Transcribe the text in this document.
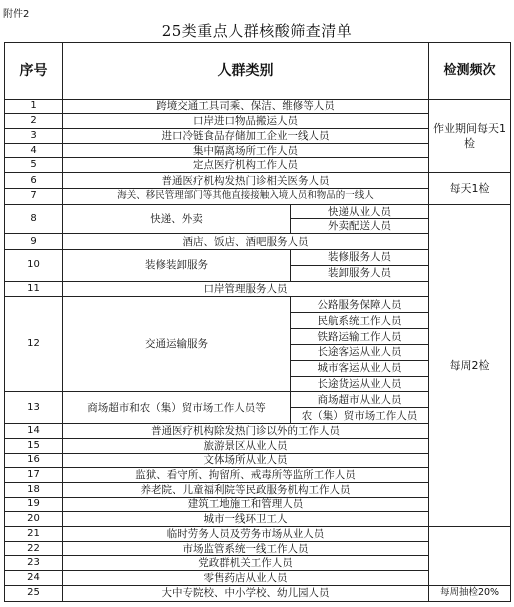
附件2
25类重点人群核酸筛查清单
序号	人群类别		检测频次	
1	跨境交通工具司乘、保洁、维修等人员		作业期间每天1检	
2	口岸进口物品搬运人员			
3	进口冷链食品存储加工企业一线人员			
4	集中隔离场所工作人员			
5	定点医疗机构工作人员			
6	普通医疗机构发热门诊相关医务人员		每天1检	
7	海关、移民管理部门等其他直接接触入境人员和物品的一线人			
8	快递、外卖	快递从业人员	每周2检	
		外卖配送人员		
9	酒店、饭店、酒吧服务人员			
10	装修装卸服务	装修服务人员		
		装卸服务人员		
11	口岸管理服务人员			
12	交通运输服务	公路服务保障人员		
		民航系统工作人员		
		铁路运输工作人员		
		长途客运从业人员		
		城市客运从业人员		
		长途货运从业人员		
13	商场超市和农（集）贸市场工作人员等	商场超市从业人员		
		农（集）贸市场工作人员		
14	普通医疗机构除发热门诊以外的工作人员	
15	旅游景区从业人员			
16	文体场所从业人员			
17	监狱、看守所、拘留所、戒毒所等监所工作人员			
18	养老院、儿童福利院等民政服务机构工作人员			
19	建筑工地施工和管理人员			
20	城市一线环卫工人			
21	临时劳务人员及劳务市场从业人员			
22	市场监管系统一线工作人员			
23	党政群机关工作人员			
24	零售药店从业人员			
25	大中专院校、中小学校、幼儿园人员		每周抽检20%	
